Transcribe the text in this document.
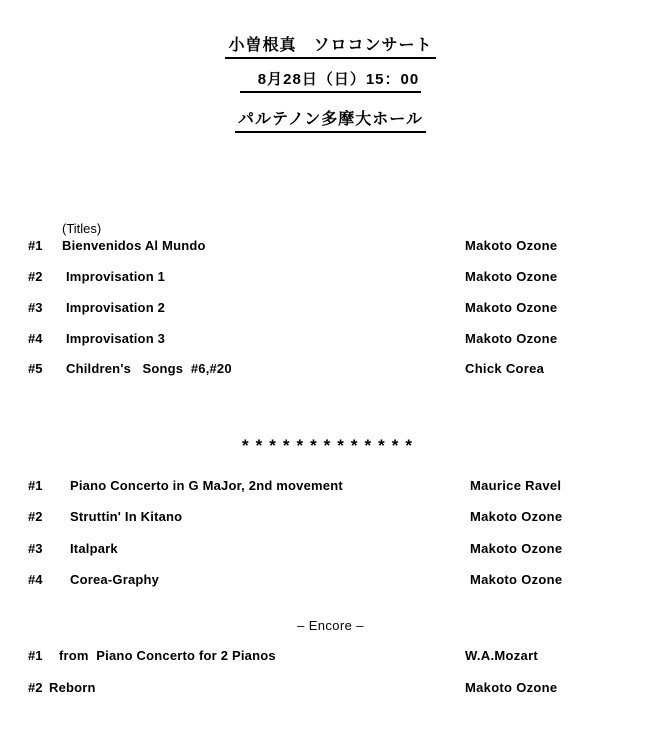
小曽根真　ソロコンサート
8月28日（日）15：00
パルテノン多摩大ホール
(Titles)
#1 Bienvenidos Al Mundo	Makoto Ozone
#2 Improvisation 1	Makoto Ozone
#3 Improvisation 2	Makoto Ozone
#4 Improvisation 3	Makoto Ozone
#5 Children's   Songs  #6,#20	Chick Corea
*************
#1 Piano Concerto in G MaJor, 2nd movement	Maurice Ravel
#2 Struttin' In Kitano	Makoto Ozone
#3 Italpark	Makoto Ozone
#4 Corea-Graphy	Makoto Ozone
– Encore –
#1 from  Piano Concerto for 2 Pianos	W.A.Mozart
#2 Reborn	Makoto Ozone
